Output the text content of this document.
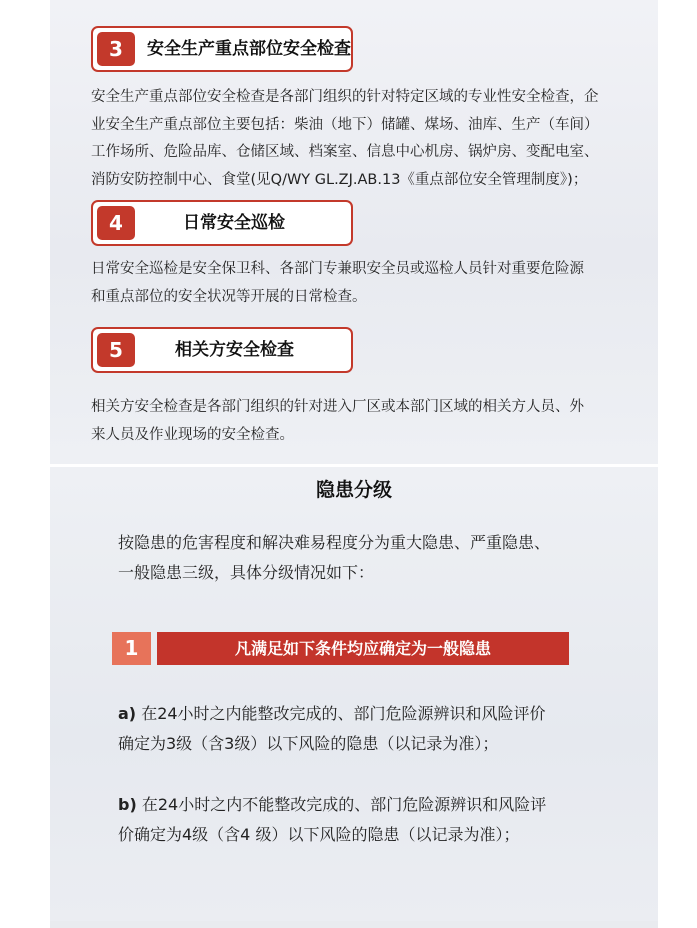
3	安全生产重点部位安全检查

安全生产重点部位安全检查是各部门组织的针对特定区域的专业性安全检查，企

业安全生产重点部位主要包括：柴油（地下）储罐、煤场、油库、生产（车间）

工作场所、危险品库、仓储区域、档案室、信息中心机房、锅炉房、变配电室、

消防安防控制中心、食堂(见Q/WY GL.ZJ.AB.13《重点部位安全管理制度》)；

4	日常安全巡检

日常安全巡检是安全保卫科、各部门专兼职安全员或巡检人员针对重要危险源

和重点部位的安全状况等开展的日常检查。

5	相关方安全检查

相关方安全检查是各部门组织的针对进入厂区或本部门区域的相关方人员、外

来人员及作业现场的安全检查。

隐患分级

按隐患的危害程度和解决难易程度分为重大隐患、严重隐患、

一般隐患三级，具体分级情况如下：

1	凡满足如下条件均应确定为一般隐患

a) 在24小时之内能整改完成的、部门危险源辨识和风险评价

确定为3级（含3级）以下风险的隐患（以记录为准）；

b) 在24小时之内不能整改完成的、部门危险源辨识和风险评

价确定为4级（含4 级）以下风险的隐患（以记录为准）；
